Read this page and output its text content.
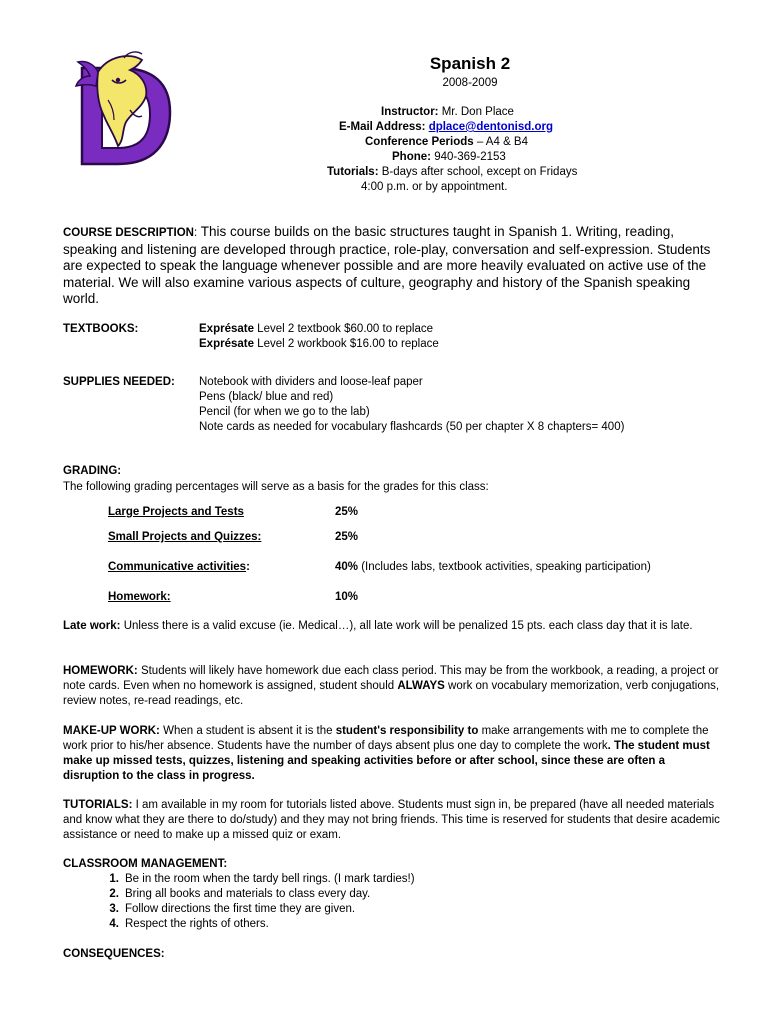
Spanish 2
2008-2009
Instructor: Mr. Don Place
E-Mail Address: dplace@dentonisd.org
Conference Periods – A4 & B4
Phone: 940-369-2153
Tutorials: B-days after school, except on Fridays
4:00 p.m. or by appointment.
COURSE DESCRIPTION: This course builds on the basic structures taught in Spanish 1. Writing, reading, speaking and listening are developed through practice, role-play, conversation and self-expression. Students are expected to speak the language whenever possible and are more heavily evaluated on active use of the material. We will also examine various aspects of culture, geography and history of the Spanish speaking world.
TEXTBOOKS:	Exprésate Level 2 textbook $60.00 to replace
Exprésate Level 2 workbook $16.00 to replace
SUPPLIES NEEDED: Notebook with dividers and loose-leaf paper
Pens (black/ blue and red)
Pencil (for when we go to the lab)
Note cards as needed for vocabulary flashcards (50 per chapter X 8 chapters= 400)
GRADING:
The following grading percentages will serve as a basis for the grades for this class:
Large Projects and Tests	25%
Small Projects and Quizzes:	25%
Communicative activities:	40% (Includes labs, textbook activities, speaking participation)
Homework:	10%
Late work: Unless there is a valid excuse (ie. Medical…), all late work will be penalized 15 pts. each class day that it is late.
HOMEWORK: Students will likely have homework due each class period. This may be from the workbook, a reading, a project or note cards. Even when no homework is assigned, student should ALWAYS work on vocabulary memorization, verb conjugations, review notes, re-read readings, etc.
MAKE-UP WORK: When a student is absent it is the student's responsibility to make arrangements with me to complete the work prior to his/her absence. Students have the number of days absent plus one day to complete the work. The student must make up missed tests, quizzes, listening and speaking activities before or after school, since these are often a disruption to the class in progress.
TUTORIALS: I am available in my room for tutorials listed above. Students must sign in, be prepared (have all needed materials and know what they are there to do/study) and they may not bring friends. This time is reserved for students that desire academic assistance or need to make up a missed quiz or exam.
CLASSROOM MANAGEMENT:
1. Be in the room when the tardy bell rings. (I mark tardies!)
2. Bring all books and materials to class every day.
3. Follow directions the first time they are given.
4. Respect the rights of others.
CONSEQUENCES:
